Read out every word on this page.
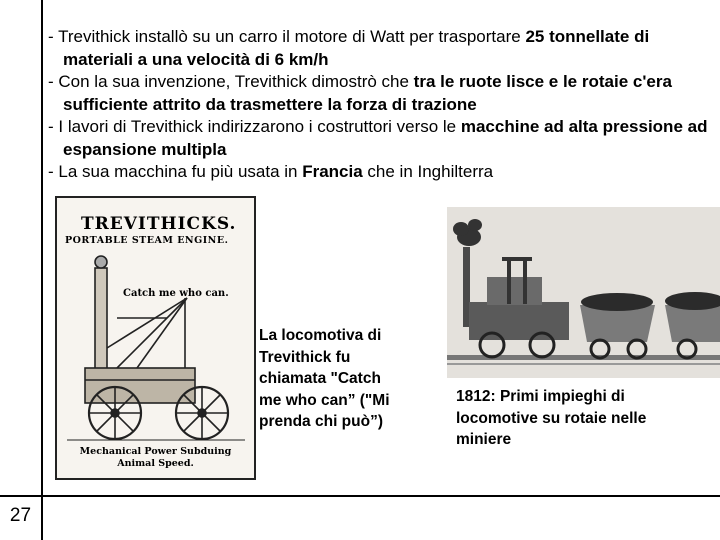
27
- Trevithick installò su un carro il motore di Watt per trasportare 25 tonnellate di materiali a una velocità di 6 km/h
- Con la sua invenzione, Trevithick dimostrò che tra le ruote lisce e le rotaie c'era sufficiente attrito da trasmettere la forza di trazione
- I lavori di Trevithick indirizzarono i costruttori verso le macchine ad alta pressione ad espansione multipla
- La sua macchina fu più usata in Francia che in Inghilterra
TREVITHICKS.
PORTABLE STEAM ENGINE.
Catch me who can.
Mechanical Power Subduing
Animal Speed.
La locomotiva di Trevithick fu chiamata "Catch me who can” ("Mi prenda chi può”)
1812: Primi impieghi di locomotive su rotaie nelle miniere
